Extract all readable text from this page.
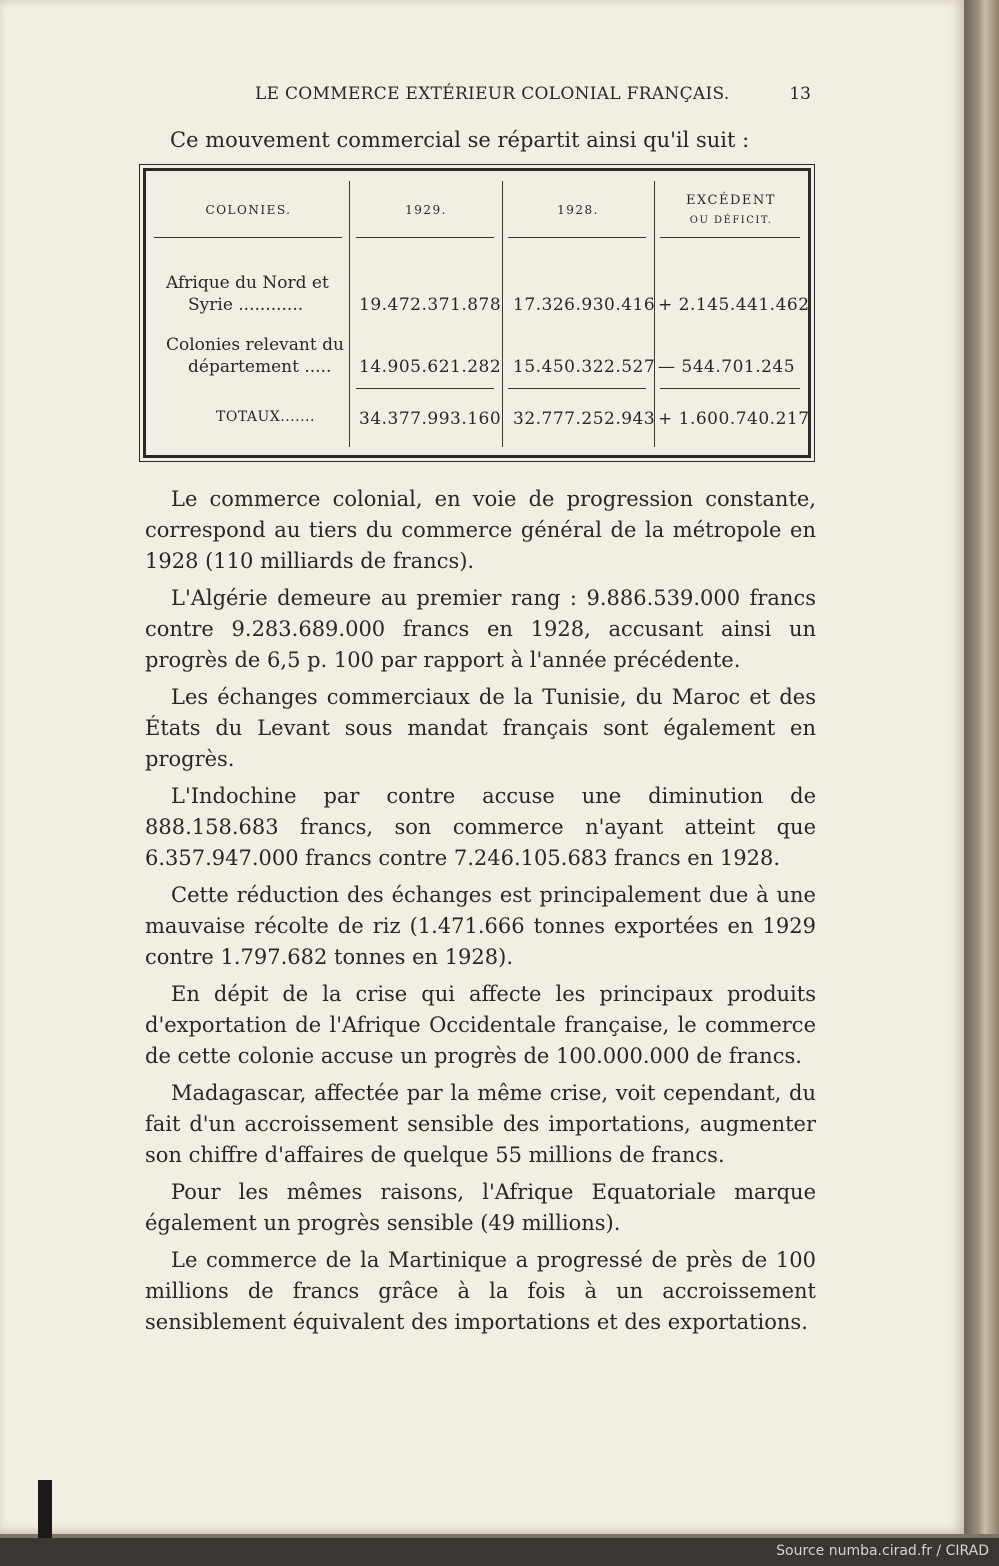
LE COMMERCE EXTÉRIEUR COLONIAL FRANÇAIS.	13
Ce mouvement commercial se répartit ainsi qu'il suit :
COLONIES.	1929.	1928.
EXCÉDENT
OU DÉFICIT.
Afrique du Nord et
Syrie ............	19.472.371.878 17.326.930.416 + 2.145.441.462
Colonies relevant du
département ..... 14.905.621.282 15.450.322.527 — 544.701.245
TOTAUX.......	34.377.993.160 32.777.252.943 + 1.600.740.217

Le commerce colonial, en voie de progression constante, correspond au tiers du commerce général de la métropole en 1928 (110 milliards de francs).

L'Algérie demeure au premier rang : 9.886.539.000 francs contre 9.283.689.000 francs en 1928, accusant ainsi un progrès de 6,5 p. 100 par rapport à l'année précédente.

Les échanges commerciaux de la Tunisie, du Maroc et des États du Levant sous mandat français sont également en progrès.

L'Indochine par contre accuse une diminution de 888.158.683 francs, son commerce n'ayant atteint que 6.357.947.000 francs contre 7.246.105.683 francs en 1928.

Cette réduction des échanges est principalement due à une mauvaise récolte de riz (1.471.666 tonnes exportées en 1929 contre 1.797.682 tonnes en 1928).

En dépit de la crise qui affecte les principaux produits d'exportation de l'Afrique Occidentale française, le commerce de cette colonie accuse un progrès de 100.000.000 de francs.

Madagascar, affectée par la même crise, voit cependant, du fait d'un accroissement sensible des importations, augmenter son chiffre d'affaires de quelque 55 millions de francs.

Pour les mêmes raisons, l'Afrique Equatoriale marque également un progrès sensible (49 millions).

Le commerce de la Martinique a progressé de près de 100 millions de francs grâce à la fois à un accroissement sensiblement équivalent des importations et des exportations.

Source numba.cirad.fr / CIRAD
